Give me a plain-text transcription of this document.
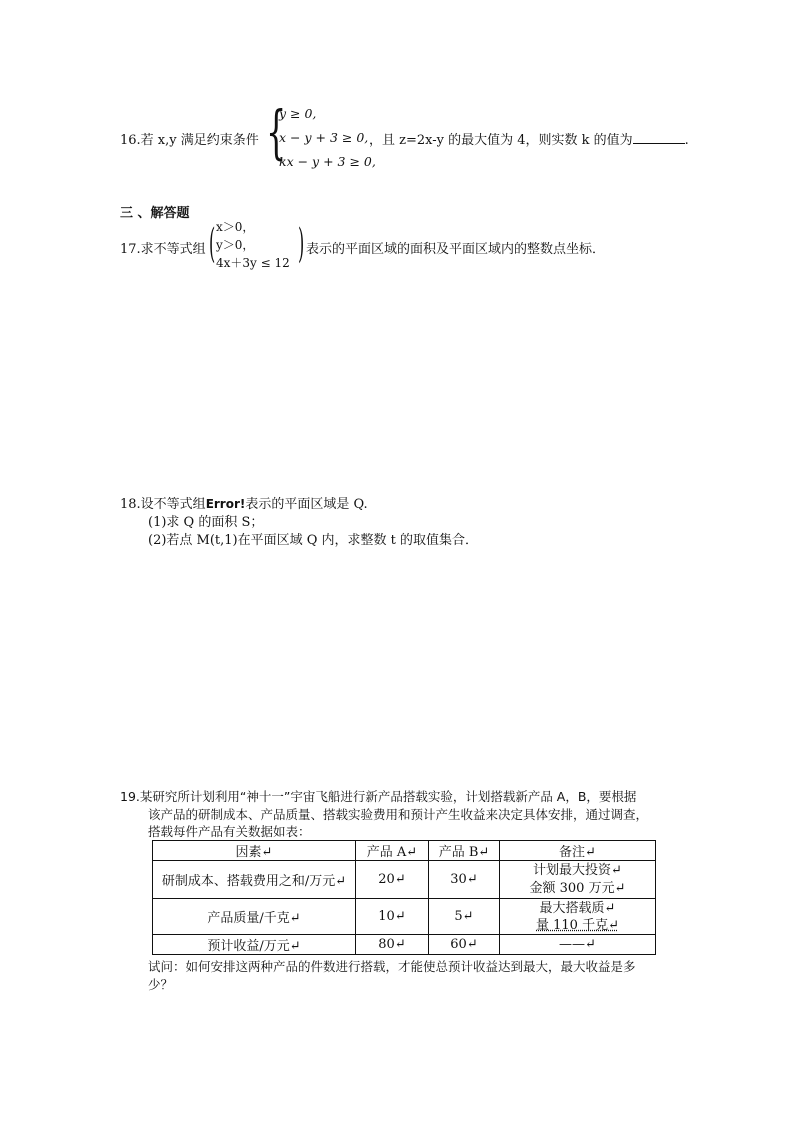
16.若 x,y 满足约束条件 {
y ≥ 0,
x − y + 3 ≥ 0,
kx − y + 3 ≥ 0,
，且 z=2x-y 的最大值为 4，则实数 k 的值为	.
三 、解答题
17.求不等式组 ( x＞0，
y＞0，
4x＋3y ≤ 12 ) 表示的平面区域的面积及平面区域内的整数点坐标．
18.设不等式组Error!表示的平面区域是 Q.
(1)求 Q 的面积 S；
(2)若点 M(t,1)在平面区域 Q 内，求整数 t 的取值集合．
19.某研究所计划利用“神十一”宇宙飞船进行新产品搭载实验，计划搭载新产品 A，B，要根据
该产品的研制成本、产品质量、搭载实验费用和预计产生收益来决定具体安排，通过调查，
搭载每件产品有关数据如表：
因素↵	产品 A↵	产品 B↵	备注↵
研制成本、搭载费用之和/万元↵	20↵	30↵	计划最大投资↵
金额 300 万元↵

产品质量/千克↵	10↵	5↵	最大搭载质↵
量 110 千克↵

预计收益/万元↵	80↵	60↵	——↵
试问：如何安排这两种产品的件数进行搭载，才能使总预计收益达到最大，最大收益是多
少？
